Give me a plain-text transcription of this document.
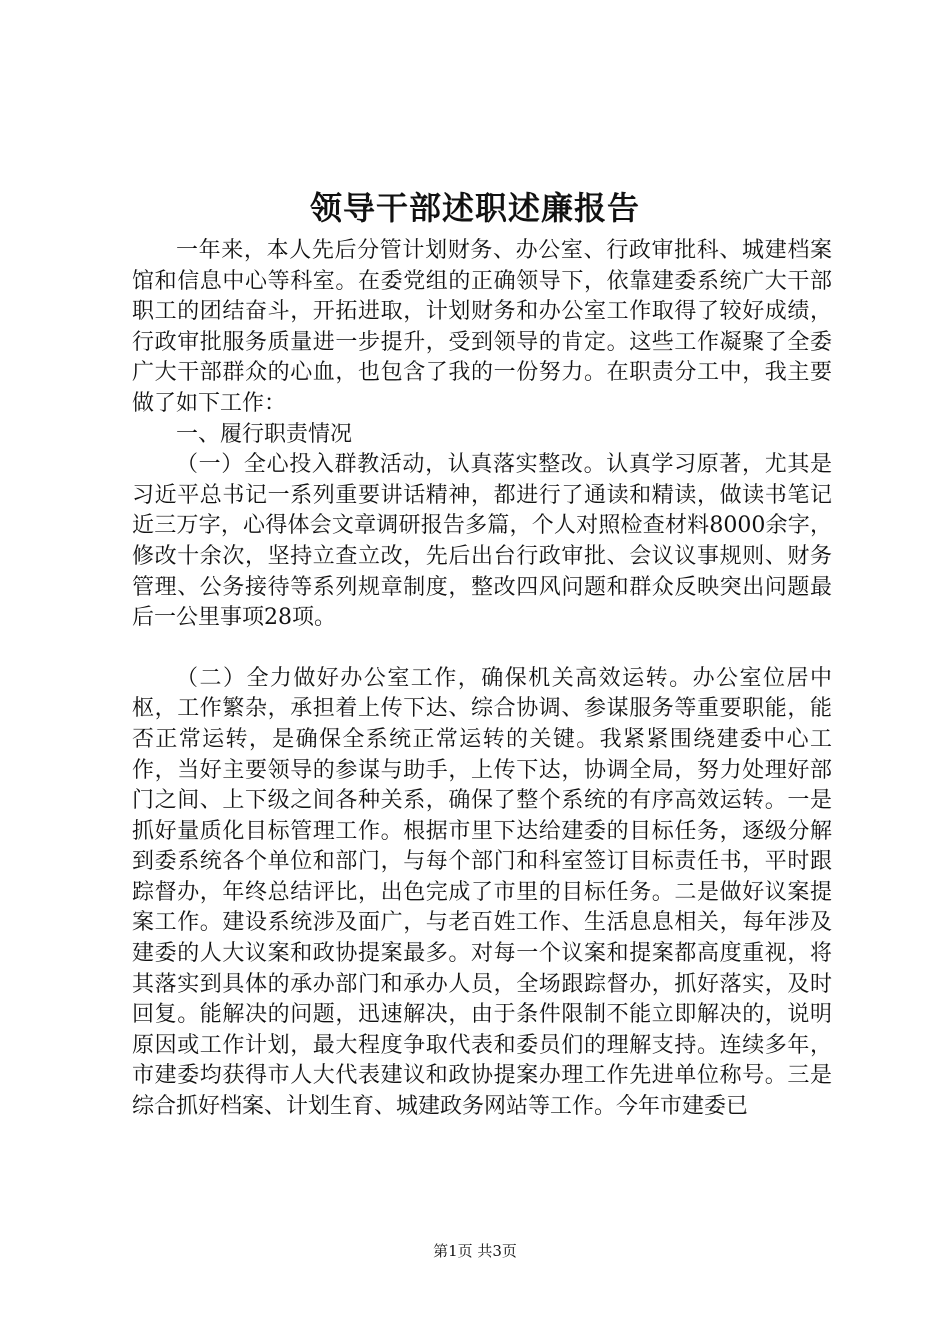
领导干部述职述廉报告

一年来，本人先后分管计划财务、办公室、行政审批科、城建档案馆和信息中心等科室。在委党组的正确领导下，依靠建委系统广大干部职工的团结奋斗，开拓进取，计划财务和办公室工作取得了较好成绩，行政审批服务质量进一步提升，受到领导的肯定。这些工作凝聚了全委广大干部群众的心血，也包含了我的一份努力。在职责分工中，我主要做了如下工作：

一、履行职责情况

（一）全心投入群教活动，认真落实整改。认真学习原著，尤其是习近平总书记一系列重要讲话精神，都进行了通读和精读，做读书笔记近三万字，心得体会文章调研报告多篇，个人对照检查材料8000余字，修改十余次，坚持立查立改，先后出台行政审批、会议议事规则、财务管理、公务接待等系列规章制度，整改四风问题和群众反映突出问题最后一公里事项28项。

（二）全力做好办公室工作，确保机关高效运转。办公室位居中枢，工作繁杂，承担着上传下达、综合协调、参谋服务等重要职能，能否正常运转，是确保全系统正常运转的关键。我紧紧围绕建委中心工作，当好主要领导的参谋与助手，上传下达，协调全局，努力处理好部门之间、上下级之间各种关系，确保了整个系统的有序高效运转。一是抓好量质化目标管理工作。根据市里下达给建委的目标任务，逐级分解到委系统各个单位和部门，与每个部门和科室签订目标责任书，平时跟踪督办，年终总结评比，出色完成了市里的目标任务。二是做好议案提案工作。建设系统涉及面广，与老百姓工作、生活息息相关，每年涉及建委的人大议案和政协提案最多。对每一个议案和提案都高度重视，将其落实到具体的承办部门和承办人员，全场跟踪督办，抓好落实，及时回复。能解决的问题，迅速解决，由于条件限制不能立即解决的，说明原因或工作计划，最大程度争取代表和委员们的理解支持。连续多年，市建委均获得市人大代表建议和政协提案办理工作先进单位称号。三是综合抓好档案、计划生育、城建政务网站等工作。今年市建委已

第1页 共3页
